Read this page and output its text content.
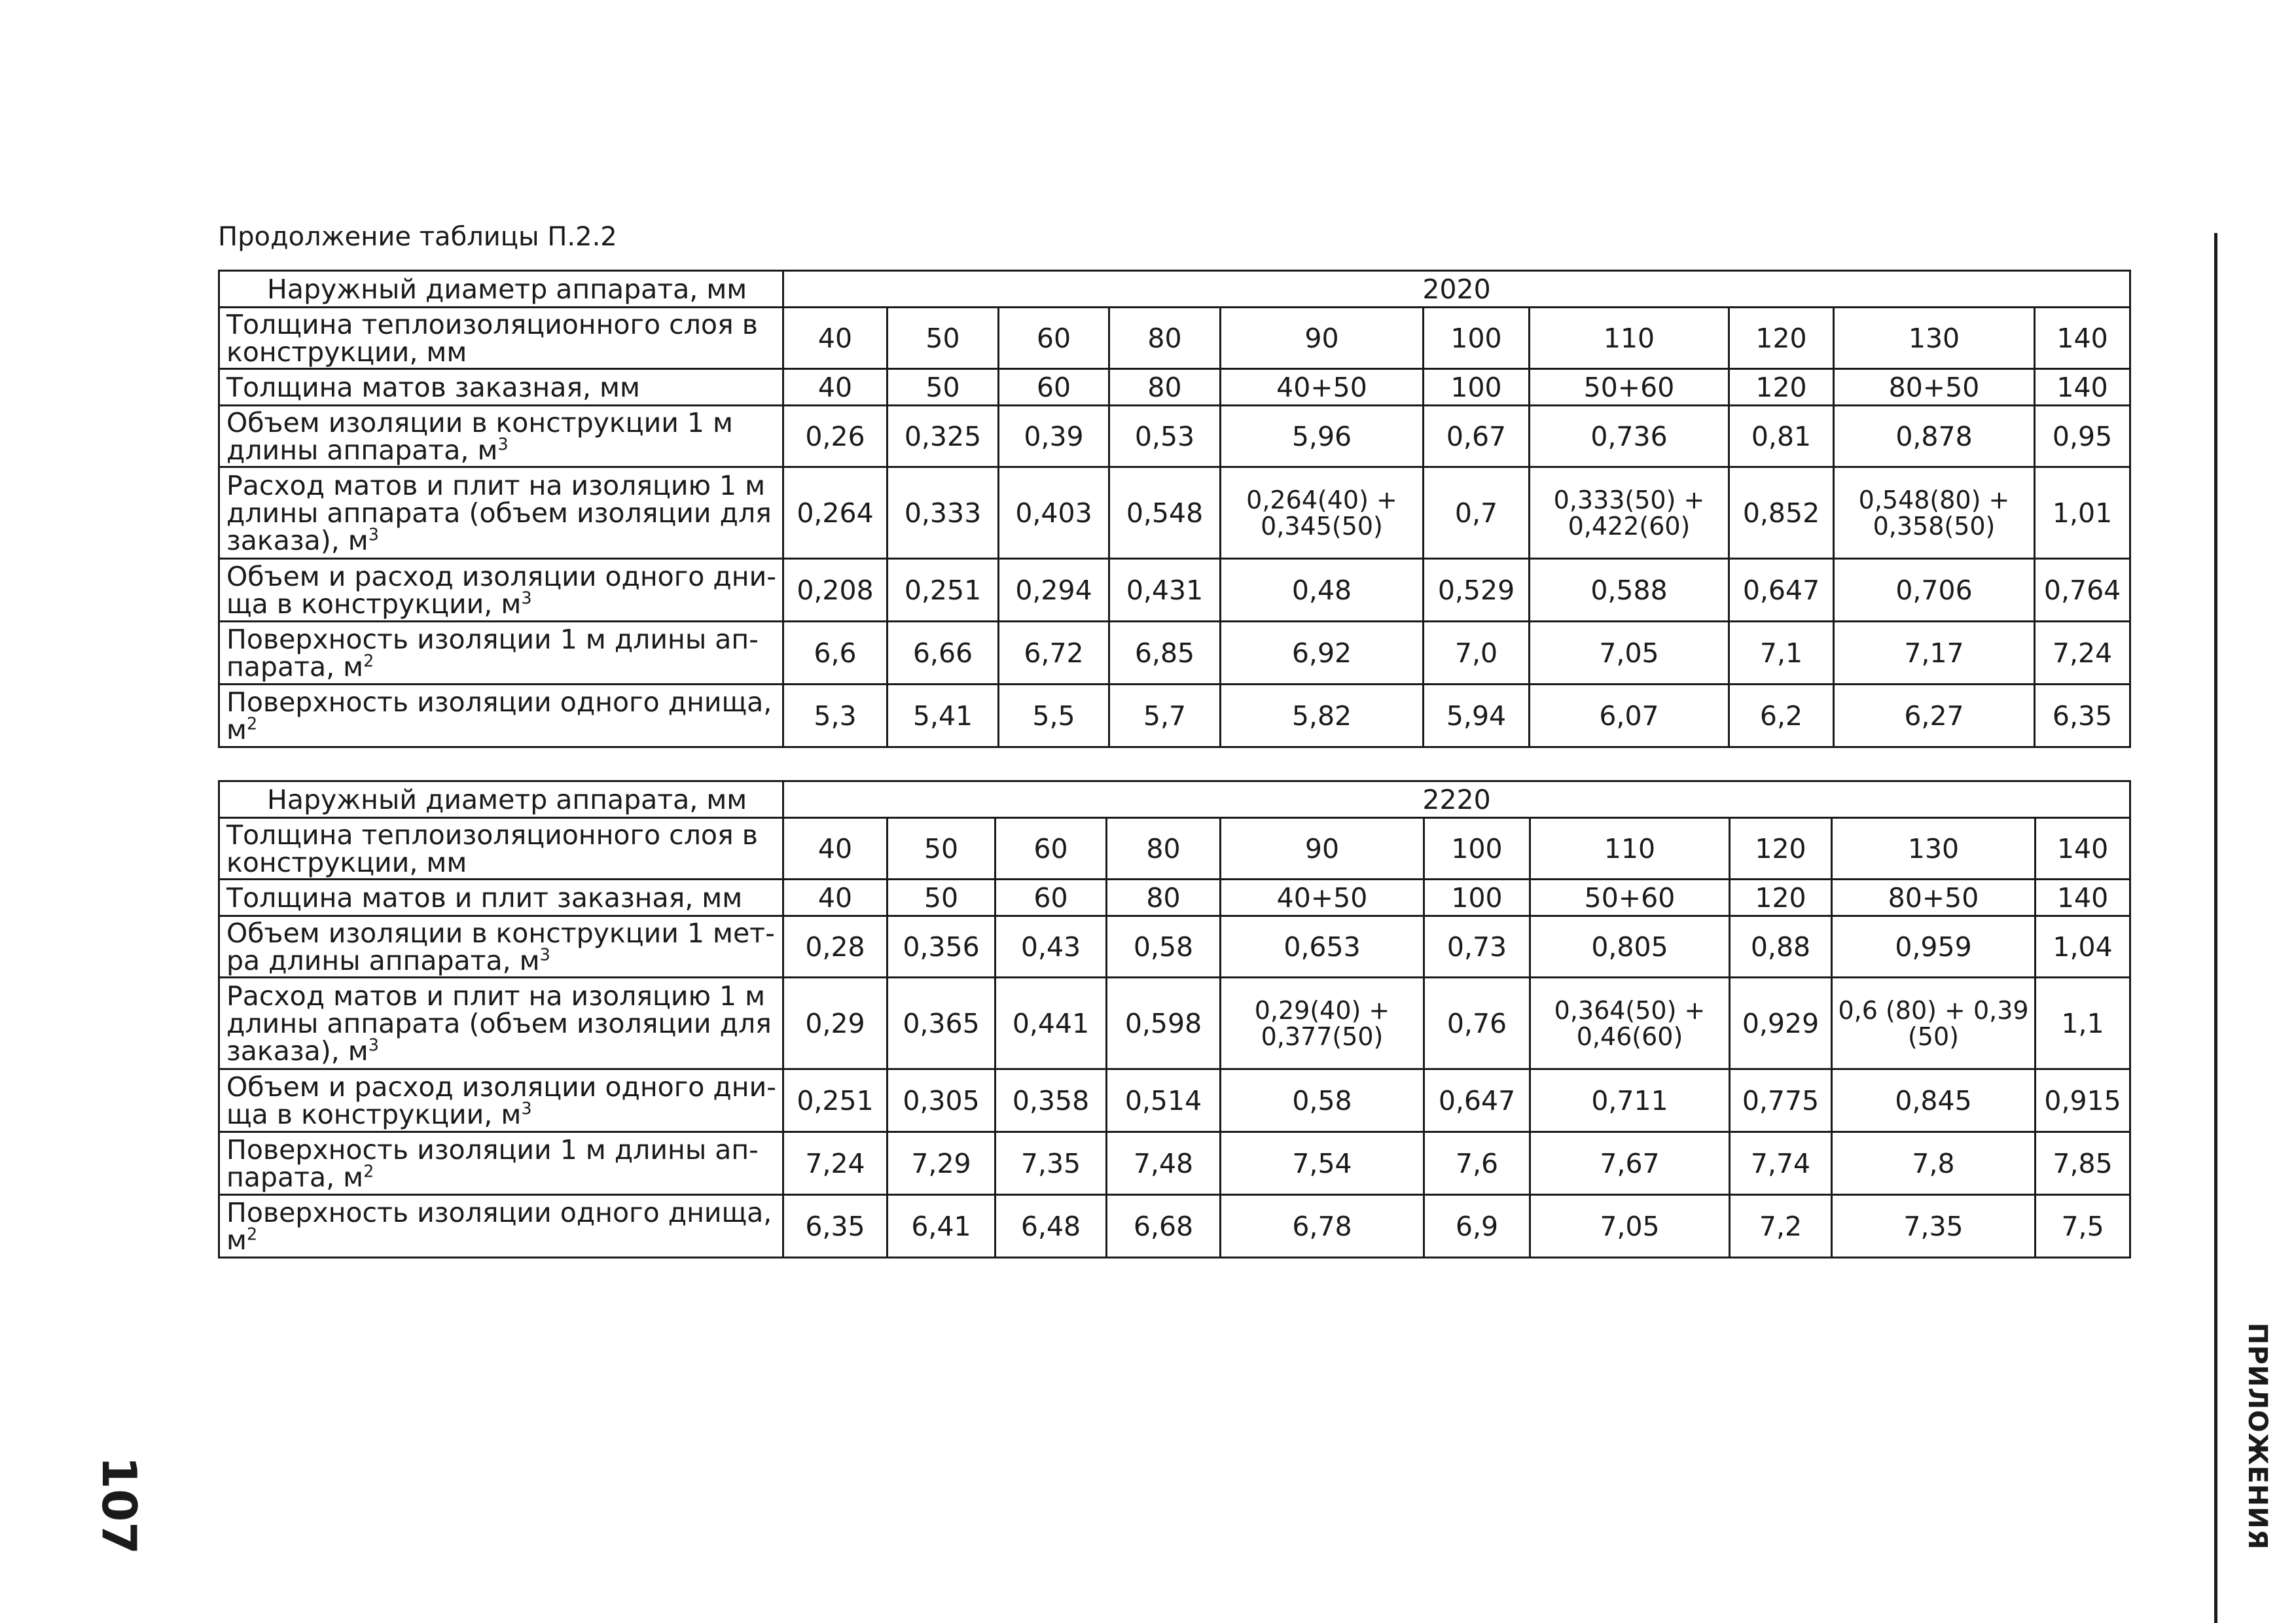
Продолжение таблицы П.2.2
Наружный диаметр аппарата, мм	2020									
Толщина теплоизоляционного слоя в конструкции, мм	40	50	60	80	90	100	110	120	130	140
Толщина матов заказная, мм	40	50	60	80	40+50	100	50+60	120	80+50	140
Объем изоляции в конструкции 1 м длины аппарата, $м^3$	0,26	0,325	0,39	0,53	5,96	0,67	0,736	0,81	0,878	0,95
Расход матов и плит на изоляцию 1 м длины аппарата (объем изоляции для заказа), $м^3$	0,264	0,333	0,403	0,548	0,264(40) + 0,345(50)	0,7	0,333(50) + 0,422(60)	0,852	0,548(80) + 0,358(50)	1,01
Объем и расход изоляции одного дни-ща в конструкции, $м^3$	0,208	0,251	0,294	0,431	0,48	0,529	0,588	0,647	0,706	0,764
Поверхность изоляции 1 м длины ап-парата, $м^2$	6,6	6,66	6,72	6,85	6,92	7,0	7,05	7,1	7,17	7,24
Поверхность изоляции одного днища, $м^2$	5,3	5,41	5,5	5,7	5,82	5,94	6,07	6,2	6,27	6,35
Наружный диаметр аппарата, мм	2220									
Толщина теплоизоляционного слоя в конструкции, мм	40	50	60	80	90	100	110	120	130	140
Толщина матов и плит заказная, мм	40	50	60	80	40+50	100	50+60	120	80+50	140
Объем изоляции в конструкции 1 мет-ра длины аппарата, $м^3$	0,28	0,356	0,43	0,58	0,653	0,73	0,805	0,88	0,959	1,04
Расход матов и плит на изоляцию 1 м длины аппарата (объем изоляции для заказа), $м^3$	0,29	0,365	0,441	0,598	0,29(40) + 0,377(50)	0,76	0,364(50) + 0,46(60)	0,929	0,6 (80) + 0,39 (50)	1,1
Объем и расход изоляции одного дни-ща в конструкции, $м^3$	0,251	0,305	0,358	0,514	0,58	0,647	0,711	0,775	0,845	0,915
Поверхность изоляции 1 м длины ап-парата, $м^2$	7,24	7,29	7,35	7,48	7,54	7,6	7,67	7,74	7,8	7,85
Поверхность изоляции одного днища, $м^2$	6,35	6,41	6,48	6,68	6,78	6,9	7,05	7,2	7,35	7,5
ПРИЛОЖЕНИЯ
107
